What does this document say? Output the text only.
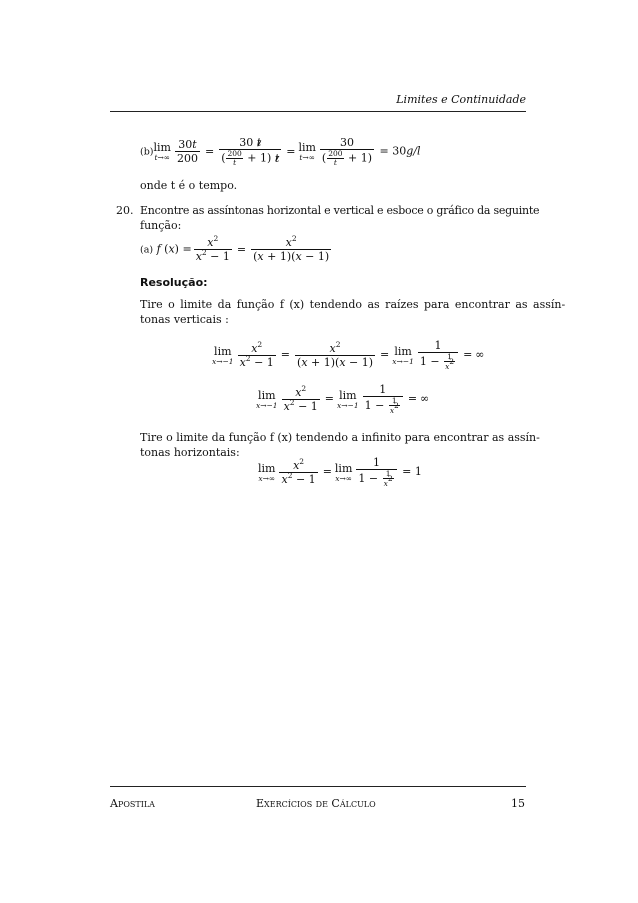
Limites e Continuidade
(b) lim
$t\to\infty \frac{30t}{200} = \frac{30 t}{( \frac{200}{t} + 1) t} = \lim$
$t\to\infty \frac{30}{( \frac{200}{t} + 1)} = 30g/l$
onde t é o tempo.
20. Encontre as assíntonas horizontal e vertical e esboce o gráfico da seguinte
função:
(a) f $(x) = \frac{x^2}{x^2 - 1} = \frac{x^2}{(x + 1)(x - 1)}$
Resolução:
Tire o limite da função f (x) tendendo as raízes para encontrar as assín-
tonas verticais :
lim
$x\to-1 \frac{x^2}{x^2 - 1} = \frac{x^2}{(x + 1)(x - 1)} = \lim$
$x\to-1 \frac{1}{1 - \frac{1}{x^2}}$ = ∞
lim
$x\to-1 \frac{x^2}{x^2 - 1} = \lim$
$x\to-1 \frac{1}{1 - \frac{1}{x^2}}$ = ∞
Tire o limite da função f (x) tendendo a infinito para encontrar as assín-
tonas horizontais:
lim
$x\to\infty \frac{x^2}{x^2 - 1} = \lim$
$x\to\infty \frac{1}{1 - \frac{1}{x^2}} = 1$
Apostila	Exercícios de Cálculo	15
